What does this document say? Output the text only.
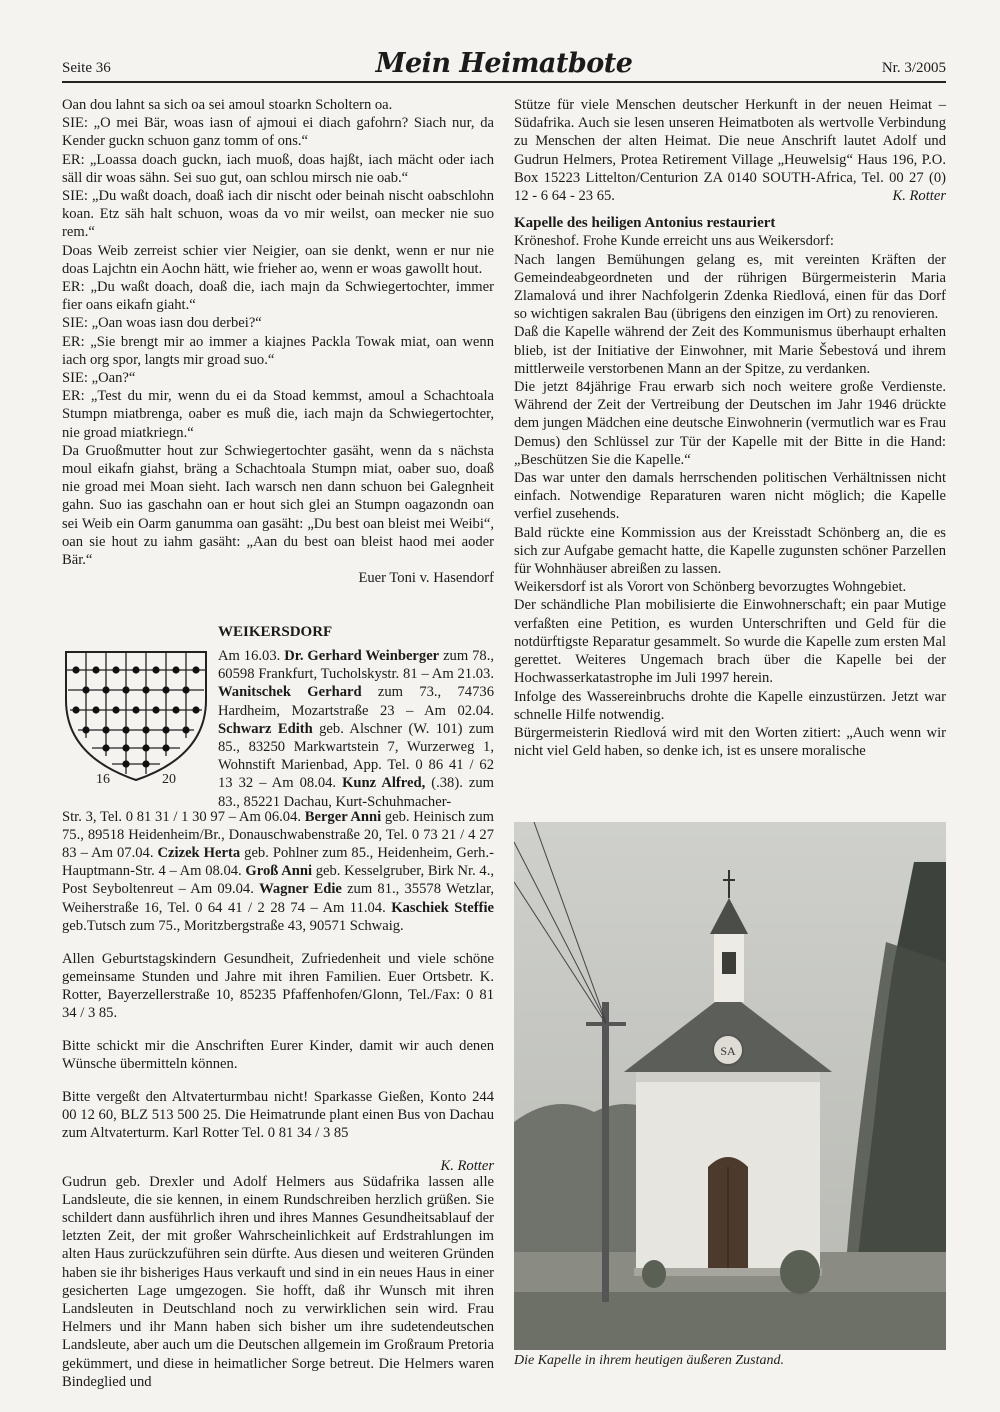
Seite 36	Mein Heimatbote	Nr. 3/2005

Oan dou lahnt sa sich oa sei amoul stoarkn Scholtern oa.

SIE: „O mei Bär, woas iasn of ajmoui ei diach gafohrn? Siach nur, da Kender guckn schuon ganz tomm of ons.“

ER: „Loassa doach guckn, iach muoß, doas hajßt, iach mächt oder iach säll dir woas sähn. Sei suo gut, oan schlou mirsch nie oab.“

SIE: „Du waßt doach, doaß iach dir nischt oder beinah nischt oabschlohn koan. Etz säh halt schuon, woas da vo mir weilst, oan mecker nie suo rem.“

Doas Weib zerreist schier vier Neigier, oan sie denkt, wenn er nur nie doas Lajchtn ein Aochn hätt, wie frieher ao, wenn er woas gawollt hout.

ER: „Du waßt doach, doaß die, iach majn da Schwiegertochter, immer fier oans eikafn giaht.“

SIE: „Oan woas iasn dou derbei?“

ER: „Sie brengt mir ao immer a kiajnes Packla Towak miat, oan wenn iach org spor, langts mir groad suo.“

SIE: „Oan?“

ER: „Test du mir, wenn du ei da Stoad kemmst, amoul a Schachtoala Stumpn miatbrenga, oaber es muß die, iach majn da Schwiegertochter, nie groad miatkriegn.“

Da Gruoßmutter hout zur Schwiegertochter gasäht, wenn da s nächsta moul eikafn giahst, bräng a Schachtoala Stumpn miat, oaber suo, doaß nie groad mei Moan sieht. Iach warsch nen dann schuon bei Galegnheit gahn. Suo ias gaschahn oan er hout sich glei an Stumpn oagazondn oan sei Weib ein Oarm ganumma oan gasäht: „Du best oan bleist mei Weibi“, oan sie hout zu iahm gasäht: „Aan du best oan bleist haod mei aoder Bär.“

Euer Toni v. Hasendorf

WEIKERSDORF
16	20
Am 16.03. Dr. Gerhard Weinberger zum 78., 60598 Frankfurt, Tucholskystr. 81 – Am 21.03. Wanitschek Gerhard zum 73., 74736 Hardheim, Mozartstraße 23 – Am 02.04. Schwarz Edith geb. Alschner (W. 101) zum 85., 83250 Markwartstein 7, Wurzerweg 1, Wohnstift Marienbad, App. Tel. 0 86 41 / 62 13 32 – Am 08.04. Kunz Alfred, (.38). zum 83., 85221 Dachau, Kurt-Schuhmacher-

Str. 3, Tel. 0 81 31 / 1 30 97 – Am 06.04. Berger Anni geb. Heinisch zum 75., 89518 Heidenheim/Br., Donauschwabenstraße 20, Tel. 0 73 21 / 4 27 83 – Am 07.04. Czizek Herta geb. Pohlner zum 85., Heidenheim, Gerh.-Hauptmann-Str. 4 – Am 08.04. Groß Anni geb. Kesselgruber, Birk Nr. 4., Post Seyboltenreut – Am 09.04. Wagner Edie zum 81., 35578 Wetzlar, Weiherstraße 16, Tel. 0 64 41 / 2 28 74 – Am 11.04. Kaschiek Steffie geb.Tutsch zum 75., Moritzbergstraße 43, 90571 Schwaig.

Allen Geburtstagskindern Gesundheit, Zufriedenheit und viele schöne gemeinsame Stunden und Jahre mit ihren Familien. Euer Ortsbetr. K. Rotter, Bayerzellerstraße 10, 85235 Pfaffenhofen/Glonn, Tel./Fax: 0 81 34 / 3 85.

Bitte schickt mir die Anschriften Eurer Kinder, damit wir auch denen Wünsche übermitteln können.

Bitte vergeßt den Altvaterturmbau nicht! Sparkasse Gießen, Konto 244 00 12 60, BLZ 513 500 25. Die Heimatrunde plant einen Bus von Dachau zum Altvaterturm. Karl Rotter Tel. 0 81 34 / 3 85

K. Rotter

Gudrun geb. Drexler und Adolf Helmers aus Südafrika lassen alle Landsleute, die sie kennen, in einem Rundschreiben herzlich grüßen. Sie schildert dann ausführlich ihren und ihres Mannes Gesundheitsablauf der letzten Zeit, der mit großer Wahrscheinlichkeit auf Erdstrahlungen im alten Haus zurückzuführen sein dürfte. Aus diesen und weiteren Gründen haben sie ihr bisheriges Haus verkauft und sind in ein neues Haus in einer gesicherten Lage umgezogen. Sie hofft, daß ihr Wunsch mit ihren Landsleuten in Deutschland noch zu verwirklichen sein wird. Frau Helmers und ihr Mann haben sich bisher um ihre sudetendeutschen Landsleute, aber auch um die Deutschen allgemein im Großraum Pretoria gekümmert, und diese in heimatlicher Sorge betreut. Die Helmers waren Bindeglied und

Stütze für viele Menschen deutscher Herkunft in der neuen Heimat – Südafrika. Auch sie lesen unseren Heimatboten als wertvolle Verbindung zu Menschen der alten Heimat. Die neue Anschrift lautet Adolf und Gudrun Helmers, Protea Retirement Village „Heuwelsig“ Haus 196, P.O. Box 15223 Littelton/Centurion ZA 0140 SOUTH-Africa, Tel. 00 27 (0) 12 - 6 64 - 23 65.	K. Rotter

Kapelle des heiligen Antonius restauriert

Kröneshof. Frohe Kunde erreicht uns aus Weikersdorf:

Nach langen Bemühungen gelang es, mit vereinten Kräften der Gemeindeabgeordneten und der rührigen Bürgermeisterin Maria Zlamalová und ihrer Nachfolgerin Zdenka Riedlová, einen für das Dorf so wichtigen sakralen Bau (übrigens den einzigen im Ort) zu renovieren.

Daß die Kapelle während der Zeit des Kommunismus überhaupt erhalten blieb, ist der Initiative der Einwohner, mit Marie Šebestová und ihrem mittlerweile verstorbenen Mann an der Spitze, zu verdanken.

Die jetzt 84jährige Frau erwarb sich noch weitere große Verdienste. Während der Zeit der Vertreibung der Deutschen im Jahr 1946 drückte dem jungen Mädchen eine deutsche Einwohnerin (vermutlich war es Frau Demus) den Schlüssel zur Tür der Kapelle mit der Bitte in die Hand: „Beschützen Sie die Kapelle.“

Das war unter den damals herrschenden politischen Verhältnissen nicht einfach. Notwendige Reparaturen waren nicht möglich; die Kapelle verfiel zusehends.

Bald rückte eine Kommission aus der Kreisstadt Schönberg an, die es sich zur Aufgabe gemacht hatte, die Kapelle zugunsten schöner Parzellen für Wohnhäuser abreißen zu lassen.

Weikersdorf ist als Vorort von Schönberg bevorzugtes Wohngebiet.

Der schändliche Plan mobilisierte die Einwohnerschaft; ein paar Mutige verfaßten eine Petition, es wurden Unterschriften und Geld für die notdürftigste Reparatur gesammelt. So wurde die Kapelle zum ersten Mal gerettet. Weiteres Ungemach brach über die Kapelle bei der Hochwasserkatastrophe im Juli 1997 herein.

Infolge des Wassereinbruchs drohte die Kapelle einzustürzen. Jetzt war schnelle Hilfe notwendig.

Bürgermeisterin Riedlová wird mit den Worten zitiert: „Auch wenn wir nicht viel Geld haben, so denke ich, ist es unsere moralische

SA
Die Kapelle in ihrem heutigen äußeren Zustand.
